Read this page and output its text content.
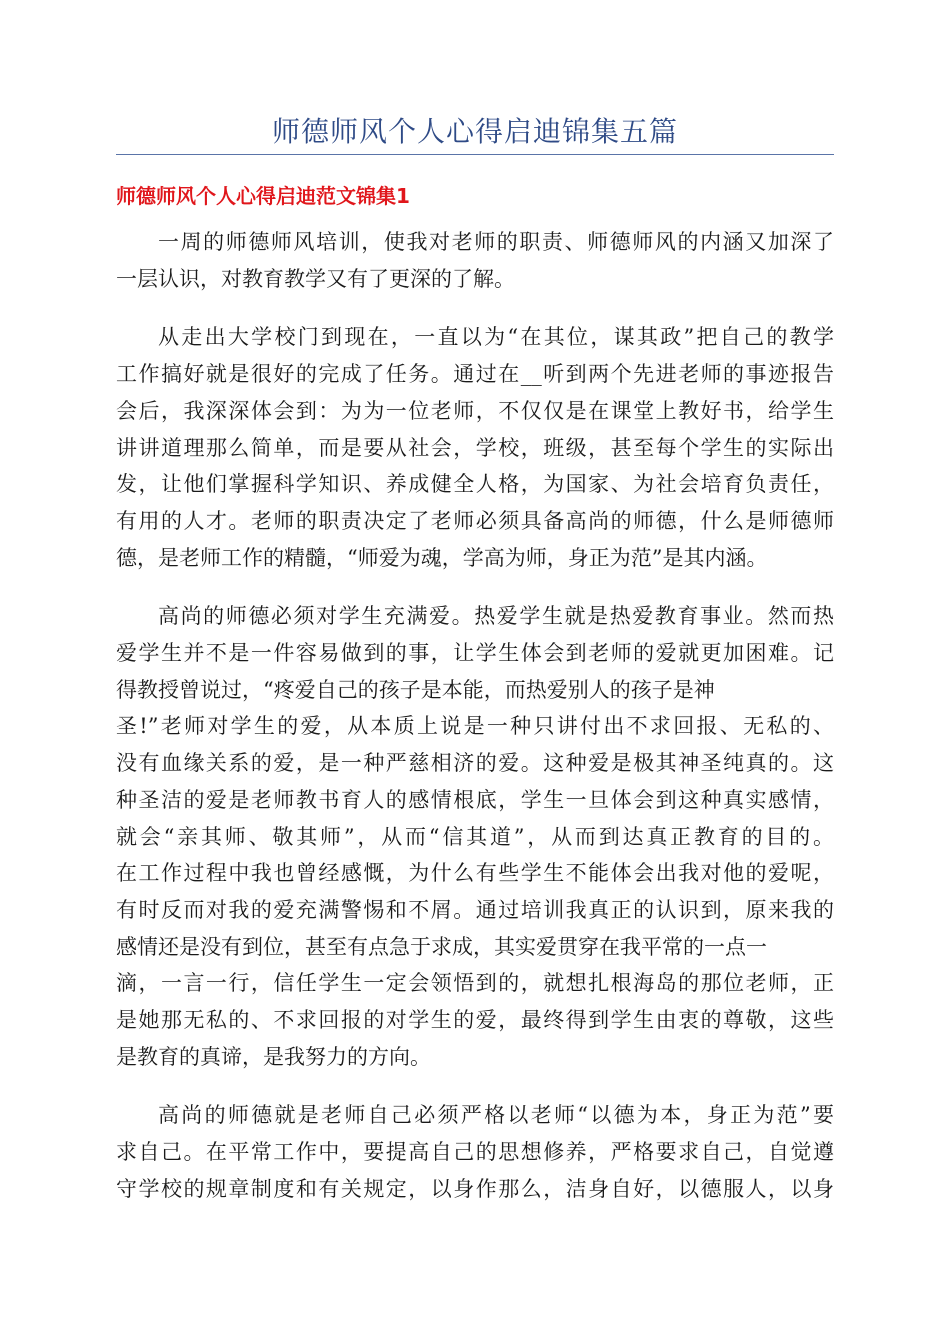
师德师风个人心得启迪锦集五篇
师德师风个人心得启迪范文锦集1
一周的师德师风培训，使我对老师的职责、师德师风的内涵又加深了
一层认识，对教育教学又有了更深的了解。
从走出大学校门到现在，一直以为“在其位，谋其政”把自己的教学
工作搞好就是很好的完成了任务。通过在__听到两个先进老师的事迹报告
会后，我深深体会到：为为一位老师，不仅仅是在课堂上教好书，给学生
讲讲道理那么简单，而是要从社会，学校，班级，甚至每个学生的实际出
发，让他们掌握科学知识、养成健全人格，为国家、为社会培育负责任，
有用的人才。老师的职责决定了老师必须具备高尚的师德，什么是师德师
德，是老师工作的精髓，“师爱为魂，学高为师，身正为范”是其内涵。
高尚的师德必须对学生充满爱。热爱学生就是热爱教育事业。然而热
爱学生并不是一件容易做到的事，让学生体会到老师的爱就更加困难。记
得教授曾说过，“疼爱自己的孩子是本能，而热爱别人的孩子是神
圣!”老师对学生的爱，从本质上说是一种只讲付出不求回报、无私的、
没有血缘关系的爱，是一种严慈相济的爱。这种爱是极其神圣纯真的。这
种圣洁的爱是老师教书育人的感情根底，学生一旦体会到这种真实感情，
就会“亲其师、敬其师”，从而“信其道”，从而到达真正教育的目的。
在工作过程中我也曾经感慨，为什么有些学生不能体会出我对他的爱呢，
有时反而对我的爱充满警惕和不屑。通过培训我真正的认识到，原来我的
感情还是没有到位，甚至有点急于求成，其实爱贯穿在我平常的一点一
滴，一言一行，信任学生一定会领悟到的，就想扎根海岛的那位老师，正
是她那无私的、不求回报的对学生的爱，最终得到学生由衷的尊敬，这些
是教育的真谛，是我努力的方向。
高尚的师德就是老师自己必须严格以老师“以德为本，身正为范”要
求自己。在平常工作中，要提高自己的思想修养，严格要求自己，自觉遵
守学校的规章制度和有关规定，以身作那么，洁身自好，以德服人，以身
